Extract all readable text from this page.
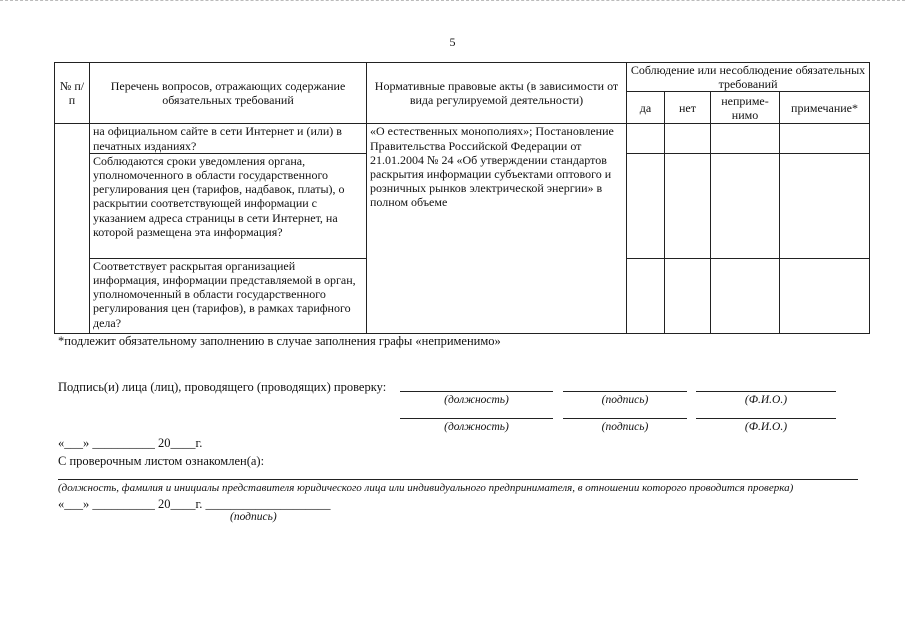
5
№ п/п	Перечень вопросов, отражающих содержание обязательных требований	Нормативные правовые акты (в зависимости от вида регулируемой деятельности)	Соблюдение или несоблюдение обязательных требований			
			да	нет	неприме-нимо	примечание*
	на официальном сайте в сети Интернет и (или) в печатных изданиях?	«О естественных монополиях»; Постановление Правительства Российской Федерации от 21.01.2004 № 24 «Об утверждении стандартов раскрытия информации субъектами оптового и розничных рынков электрической энергии» в полном объеме				
	Соблюдаются сроки уведомления органа, уполномоченного в области государственного регулирования цен (тарифов, надбавок, платы), о раскрытии соответствующей информации с указанием адреса страницы в сети Интернет, на которой размещена эта информация?					
	Соответствует раскрытая организацией информация, информации представляемой в орган, уполномоченный в области государственного регулирования цен (тарифов), в рамках тарифного дела?					
*подлежит обязательному заполнению в случае заполнения графы «неприменимо»
Подпись(и) лица (лиц), проводящего (проводящих) проверку:
(должность)	(подпись)	(Ф.И.О.)
(должность)	(подпись)	(Ф.И.О.)
«___» __________ 20____г.
С проверочным листом ознакомлен(а):
(должность, фамилия и инициалы представителя юридического лица или индивидуального предпринимателя, в отношении которого проводится проверка)
«___» __________ 20____г. ____________________
(подпись)
